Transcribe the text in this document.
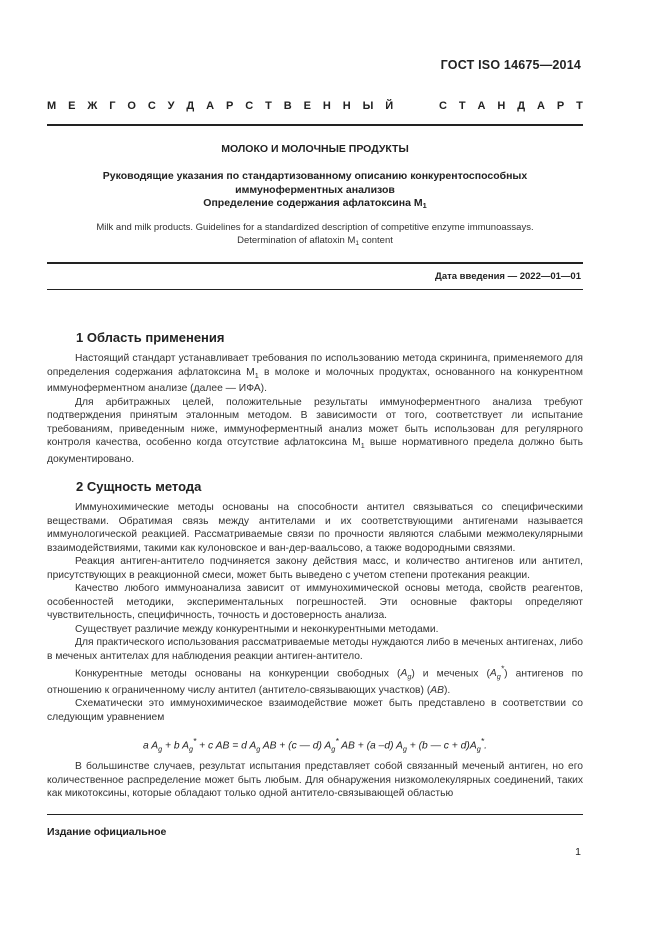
ГОСТ ISO 14675—2014
М Е Ж Г О С У Д А Р С Т В Е Н Н Ы Й	С Т А Н Д А Р Т
МОЛОКО И МОЛОЧНЫЕ ПРОДУКТЫ
Руководящие указания по стандартизованному описанию конкурентоспособных
иммуноферментных анализов
Определение содержания афлатоксина $M_1$
Milk and milk products. Guidelines for a standardized description of competitive enzyme immunoassays.
Determination of aflatoxin $M_1$ content
Дата введения — 2022—01—01
1 Область применения

Настоящий стандарт устанавливает требования по использованию метода скрининга, применяемого для определения содержания афлатоксина $M_1$ в молоке и молочных продуктах, основанного на конкурентном иммуноферментном анализе (далее — ИФА).

Для арбитражных целей, положительные результаты иммуноферментного анализа требуют подтверждения принятым эталонным методом. В зависимости от того, соответствует ли испытание требованиям, приведенным ниже, иммуноферментный анализ может быть использован для регулярного контроля качества, особенно когда отсутствие афлатоксина $M_1$ выше нормативного предела должно быть документировано.

2 Сущность метода

Иммунохимические методы основаны на способности антител связываться со специфическими веществами. Обратимая связь между антителами и их соответствующими антигенами называется иммунологической реакцией. Рассматриваемые связи по прочности являются слабыми межмолекулярными взаимодействиями, такими как кулоновское и ван-дер-ваальсово, а также водородными связями.

Реакция антиген-антитело подчиняется закону действия масс, и количество антигенов или антител, присутствующих в реакционной смеси, может быть выведено с учетом степени протекания реакции.

Качество любого иммуноанализа зависит от иммунохимической основы метода, свойств реагентов, особенностей методики, экспериментальных погрешностей. Эти основные факторы определяют чувствительность, специфичность, точность и достоверность анализа.

Существует различие между конкурентными и неконкурентными методами.

Для практического использования рассматриваемые методы нуждаются либо в меченых антигенах, либо в меченых антителах для наблюдения реакции антиген-антитело.

Конкурентные методы основаны на конкуренции свободных $(A_g)$ и меченых $(A_g^*)$ антигенов по отношению к ограниченному числу антител (антитело-связывающих участков) (AB).

Схематически это иммунохимическое взаимодействие может быть представлено в соответствии со следующим уравнением

a $A_g + b$ $A_g^* + c$ AB = d $A_g$ AB + (c — d) $A_g^*$ AB + (a –d) $A_g + (b$ — $c + d)A_g^*$.

В большинстве случаев, результат испытания представляет собой связанный меченый антиген, но его количественное распределение может быть любым. Для обнаружения низкомолекулярных соединений, таких как микотоксины, которые обладают только одной антитело-связывающей областью

Издание официальное
1
